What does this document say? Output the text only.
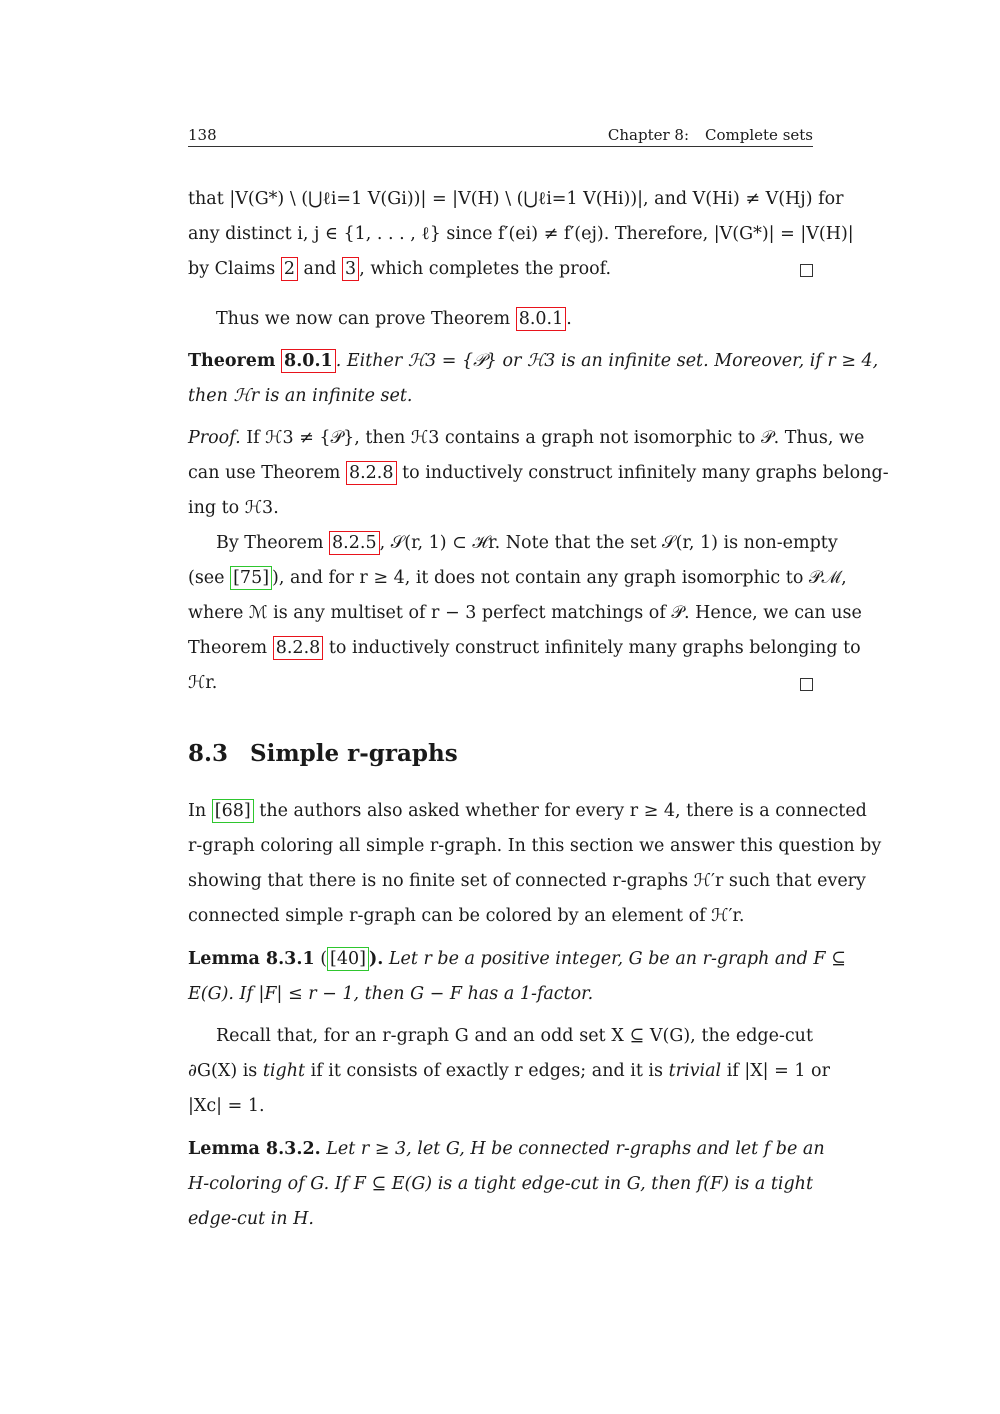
138	Chapter 8: Complete sets
that |V(G*) \ (⋃ℓi=1 V(Gi))| = |V(H) \ (⋃ℓi=1 V(Hi))|, and V(Hi) ≠ V(Hj) for
any distinct i, j ∈ {1, . . . , ℓ} since f′(ei) ≠ f′(ej). Therefore, |V(G*)| = |V(H)|
by Claims 2 and 3 , which completes the proof.
Thus we now can prove Theorem 8.0.1 .
Theorem 8.0.1 . Either ℋ3 = {𝒫} or ℋ3 is an infinite set. Moreover, if r ≥ 4,
then ℋr is an infinite set.
Proof. If ℋ3 ≠ {𝒫}, then ℋ3 contains a graph not isomorphic to 𝒫. Thus, we
can use Theorem 8.2.8 to inductively construct infinitely many graphs belong-
ing to ℋ3.
By Theorem 8.2.5 , 𝒮(r, 1) ⊂ ℋr. Note that the set 𝒮(r, 1) is non-empty
(see [75] ), and for r ≥ 4, it does not contain any graph isomorphic to 𝒫ℳ,
where ℳ is any multiset of r − 3 perfect matchings of 𝒫. Hence, we can use
Theorem 8.2.8 to inductively construct infinitely many graphs belonging to
ℋr.
8.3 Simple r-graphs
In [68] the authors also asked whether for every r ≥ 4, there is a connected
r-graph coloring all simple r-graph. In this section we answer this question by
showing that there is no finite set of connected r-graphs ℋ′r such that every
connected simple r-graph can be colored by an element of ℋ′r.
Lemma 8.3.1 ( [40] ). Let r be a positive integer, G be an r-graph and F ⊆
E(G). If |F| ≤ r − 1, then G − F has a 1-factor.
Recall that, for an r-graph G and an odd set X ⊆ V(G), the edge-cut
∂G(X) is tight if it consists of exactly r edges; and it is trivial if |X| = 1 or
|Xc| = 1.
Lemma 8.3.2. Let r ≥ 3, let G, H be connected r-graphs and let f be an
H-coloring of G. If F ⊆ E(G) is a tight edge-cut in G, then f(F) is a tight
edge-cut in H.
